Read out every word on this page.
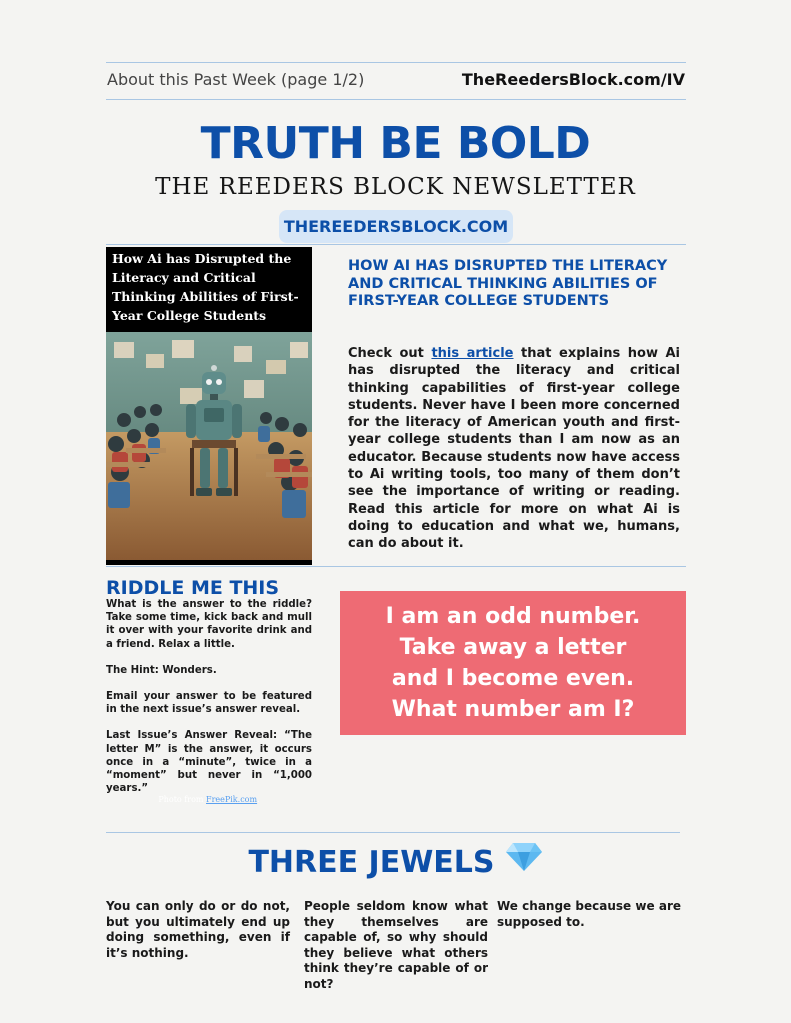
About this Past Week (page 1/2)	TheReedersBlock.com/IV
TRUTH BE BOLD
THE REEDERS BLOCK NEWSLETTER
THEREEDERSBLOCK.COM
How Ai has Disrupted the Literacy and Critical Thinking Abilities of First-Year College Students
Photo from FreePik.com.
HOW AI HAS DISRUPTED THE LITERACY AND CRITICAL THINKING ABILITIES OF FIRST-YEAR COLLEGE STUDENTS
Check out this article that explains how Ai has disrupted the literacy and critical thinking capabilities of first-year college students. Never have I been more concerned for the literacy of American youth and first-year college students than I am now as an educator. Because students now have access to Ai writing tools, too many of them don’t see the importance of writing or reading. Read this article for more on what Ai is doing to education and what we, humans, can do about it.
RIDDLE ME THIS

What is the answer to the riddle? Take some time, kick back and mull it over with your favorite drink and a friend. Relax a little.

The Hint: Wonders.

Email your answer to be featured in the next issue’s answer reveal.

Last Issue’s Answer Reveal: “The letter M” is the answer, it occurs once in a “minute”, twice in a “moment” but never in “1,000 years.”

I am an odd number.
Take away a letter
and I become even.
What number am I?
THREE JEWELS
You can only do or do not, but you ultimately end up doing something, even if it’s nothing.
People seldom know what they themselves are capable of, so why should they believe what others think they’re capable of or not?
We change because we are supposed to.
